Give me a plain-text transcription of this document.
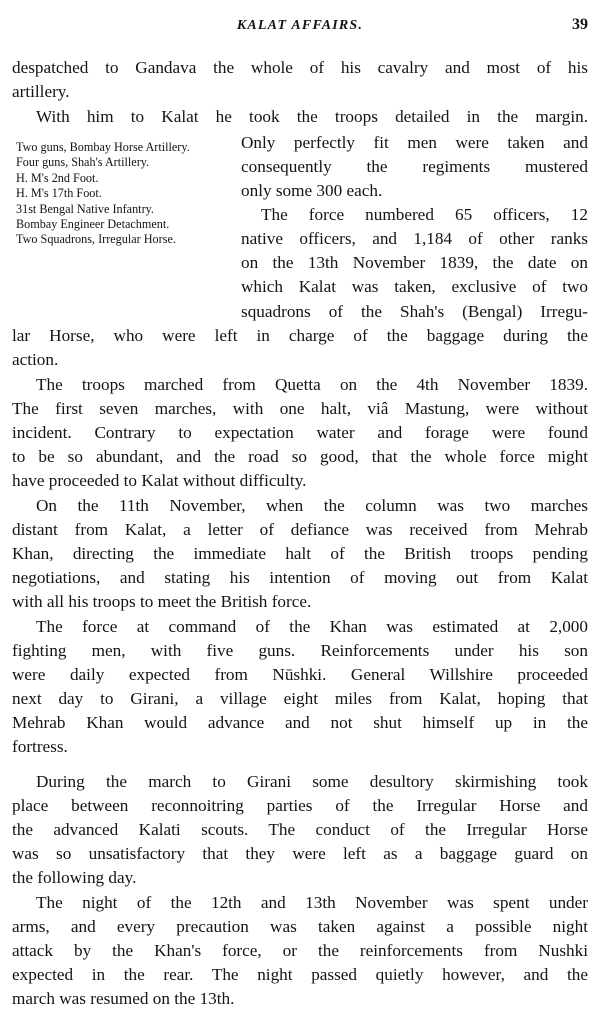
KALAT AFFAIRS.	39
despatched to Gandava the whole of his cavalry and most of his
artillery.
With him to Kalat he took the troops detailed in the margin.
Two guns, Bombay Horse Artillery.
Four guns, Shah's Artillery.
H. M's 2nd Foot.
H. M's 17th Foot.
31st Bengal Native Infantry.
Bombay Engineer Detachment.
Two Squadrons, Irregular Horse.
Only perfectly fit men were taken and
consequently the regiments mustered
only some 300 each.
The force numbered 65 officers, 12
native officers, and 1,184 of other ranks
on the 13th November 1839, the date on
which Kalat was taken, exclusive of two
squadrons of the Shah's (Bengal) Irregu-
lar Horse, who were left in charge of the baggage during the
action.
The troops marched from Quetta on the 4th November 1839.
The first seven marches, with one halt, viâ Mastung, were without
incident. Contrary to expectation water and forage were found
to be so abundant, and the road so good, that the whole force might
have proceeded to Kalat without difficulty.
On the 11th November, when the column was two marches
distant from Kalat, a letter of defiance was received from Mehrab
Khan, directing the immediate halt of the British troops pending
negotiations, and stating his intention of moving out from Kalat
with all his troops to meet the British force.
The force at command of the Khan was estimated at 2,000
fighting men, with five guns. Reinforcements under his son
were daily expected from Nūshki. General Willshire proceeded
next day to Girani, a village eight miles from Kalat, hoping that
Mehrab Khan would advance and not shut himself up in the
fortress.
During the march to Girani some desultory skirmishing took
place between reconnoitring parties of the Irregular Horse and
the advanced Kalati scouts. The conduct of the Irregular Horse
was so unsatisfactory that they were left as a baggage guard on
the following day.
The night of the 12th and 13th November was spent under
arms, and every precaution was taken against a possible night
attack by the Khan's force, or the reinforcements from Nushki
expected in the rear. The night passed quietly however, and the
march was resumed on the 13th.
